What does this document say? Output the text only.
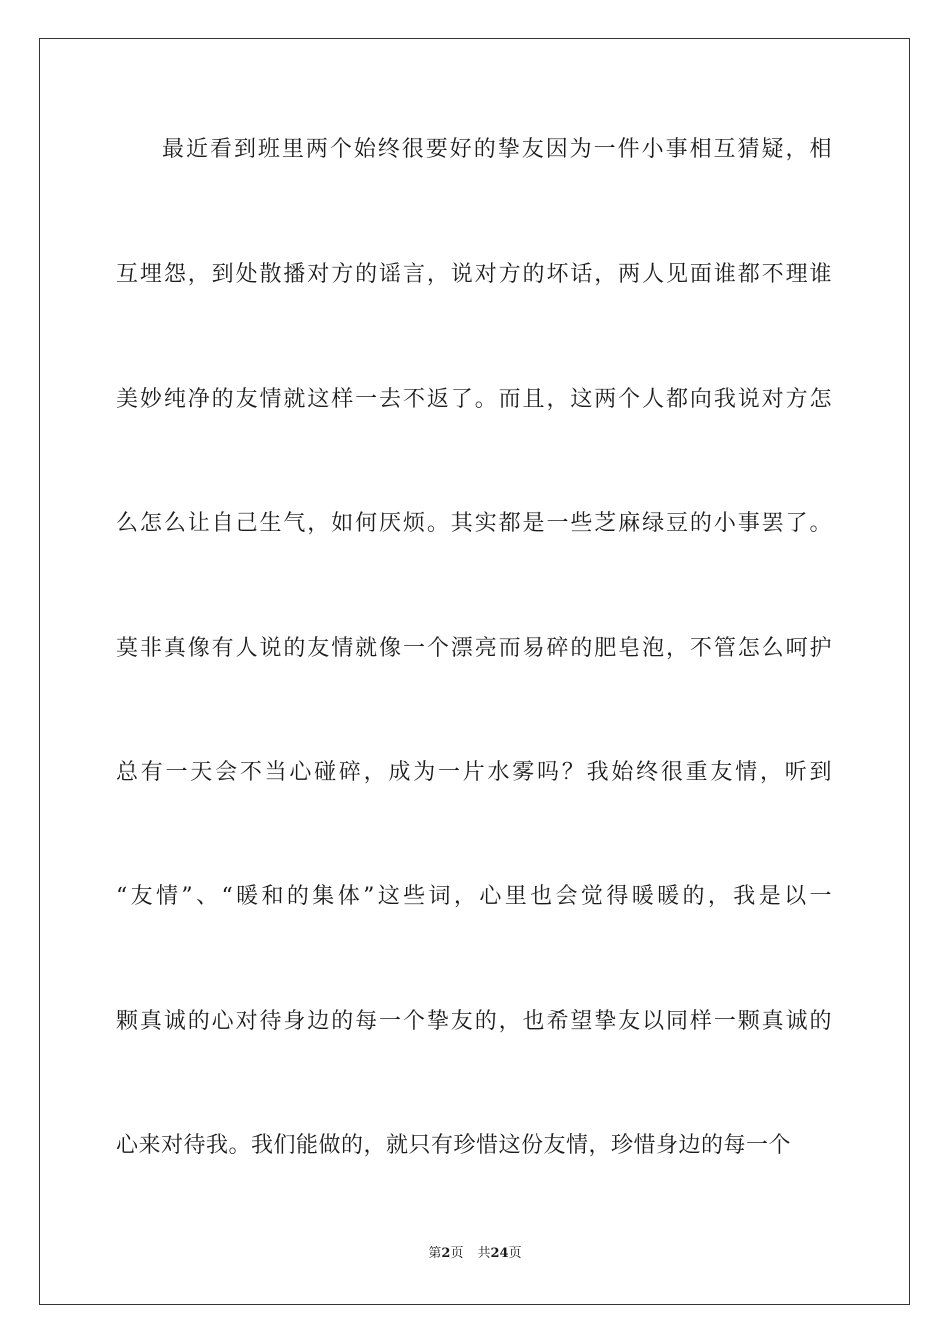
最近看到班里两个始终很要好的挚友因为一件小事相互猜疑，相
互埋怨，到处散播对方的谣言，说对方的坏话，两人见面谁都不理谁
美妙纯净的友情就这样一去不返了。而且，这两个人都向我说对方怎
么怎么让自己生气，如何厌烦。其实都是一些芝麻绿豆的小事罢了。
莫非真像有人说的友情就像一个漂亮而易碎的肥皂泡，不管怎么呵护
总有一天会不当心碰碎，成为一片水雾吗？我始终很重友情，听到
“友情”、“暖和的集体”这些词，心里也会觉得暖暖的，我是以一
颗真诚的心对待身边的每一个挚友的，也希望挚友以同样一颗真诚的
心来对待我。我们能做的，就只有珍惜这份友情，珍惜身边的每一个
第2页 共24页
